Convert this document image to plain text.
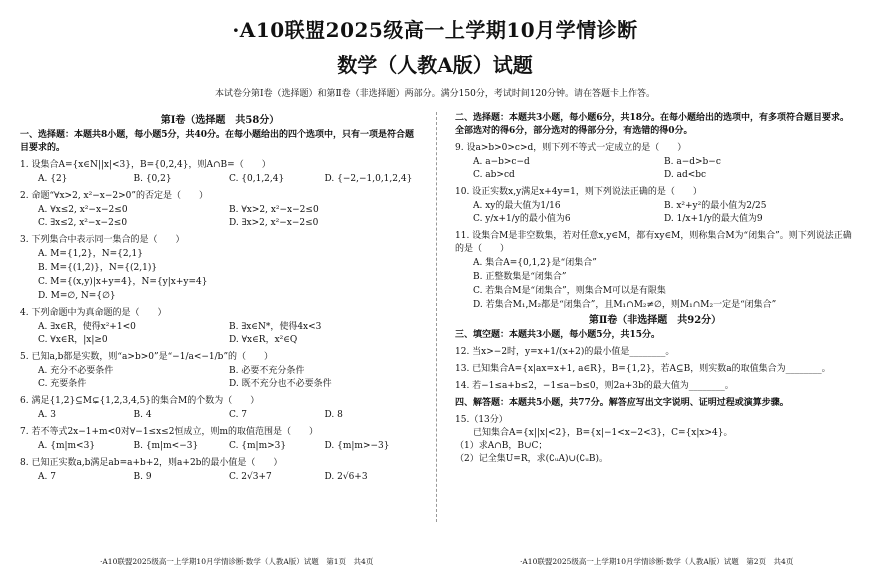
·A10联盟2025级高一上学期10月学情诊断
数学（人教A版）试题
本试卷分第Ⅰ卷（选择题）和第Ⅱ卷（非选择题）两部分。满分150分，考试时间120分钟。请在答题卡上作答。
第Ⅰ卷（选择题　共58分）
一、选择题：本题共8小题，每小题5分，共40分。在每小题给出的四个选项中，只有一项是符合题目要求的。
1. 设集合A={x∈N||x|<3}，B={0,2,4}，则A∩B=（　　）
A. {2}	B. {0,2}	C. {0,1,2,4}	D. {−2,−1,0,1,2,4}
2. 命题“∀x>2, x²−x−2>0”的否定是（　　）
A. ∀x≤2, x²−x−2≤0	B. ∀x>2, x²−x−2≤0
C. ∃x≤2, x²−x−2≤0	D. ∃x>2, x²−x−2≤0
3. 下列集合中表示同一集合的是（　　）
A. M={1,2}，N={2,1}
B. M={(1,2)}，N={(2,1)}
C. M={(x,y)|x+y=4}，N={y|x+y=4}
D. M=∅, N={∅}
4. 下列命题中为真命题的是（　　）
A. ∃x∈R，使得x²+1<0	B. ∃x∈N*，使得4x<3
C. ∀x∈R，|x|≥0	D. ∀x∈R，x²∈Q
5. 已知a,b都是实数，则“a>b>0”是“−1/a<−1/b”的（　　）
A. 充分不必要条件	B. 必要不充分条件
C. 充要条件	D. 既不充分也不必要条件
6. 满足{1,2}⊆M⊊{1,2,3,4,5}的集合M的个数为（　　）
A. 3	B. 4	C. 7	D. 8
7. 若不等式2x−1+m<0对∀−1≤x≤2恒成立，则m的取值范围是（　　）
A. {m|m<3}	B. {m|m<−3}	C. {m|m>3}	D. {m|m>−3}
8. 已知正实数a,b满足ab=a+b+2，则a+2b的最小值是（　　）
A. 7	B. 9	C. 2√3+7	D. 2√6+3
二、选择题：本题共3小题，每小题6分，共18分。在每小题给出的选项中，有多项符合题目要求。全部选对的得6分，部分选对的得部分分，有选错的得0分。
9. 设a>b>0>c>d，则下列不等式一定成立的是（　　）
A. a−b>c−d	B. a−d>b−c
C. ab>cd	D. ad<bc
10. 设正实数x,y满足x+4y=1，则下列说法正确的是（　　）
A. xy的最大值为1/16	B. x²+y²的最小值为2/25
C. y/x+1/y的最小值为6	D. 1/x+1/y的最大值为9
11. 设集合M是非空数集，若对任意x,y∈M，都有xy∈M，则称集合M为“闭集合”。则下列说法正确的是（　　）
A. 集合A={0,1,2}是“闭集合”
B. 正整数集是“闭集合”
C. 若集合M是“闭集合”，则集合M可以是有限集
D. 若集合M₁,M₂都是“闭集合”，且M₁∩M₂≠∅，则M₁∩M₂一定是“闭集合”
第Ⅱ卷（非选择题　共92分）
三、填空题：本题共3小题，每小题5分，共15分。
12. 当x>−2时，y=x+1/(x+2)的最小值是________。
13. 已知集合A={x|ax=x+1, a∈R}，B={1,2}，若A⊆B，则实数a的取值集合为________。
14. 若−1≤a+b≤2，−1≤a−b≤0，则2a+3b的最大值为________。
四、解答题：本题共5小题，共77分。解答应写出文字说明、证明过程或演算步骤。
15.（13分）
已知集合A={x||x|<2}，B={x|−1<x−2<3}，C={x|x>4}。
（1）求A∩B，B∪C；
（2）记全集U=R，求(∁ᵤA)∪(∁ᵤB)。
·A10联盟2025级高一上学期10月学情诊断·数学（人教A版）试题　第1页　共4页	·A10联盟2025级高一上学期10月学情诊断·数学（人教A版）试题　第2页　共4页
